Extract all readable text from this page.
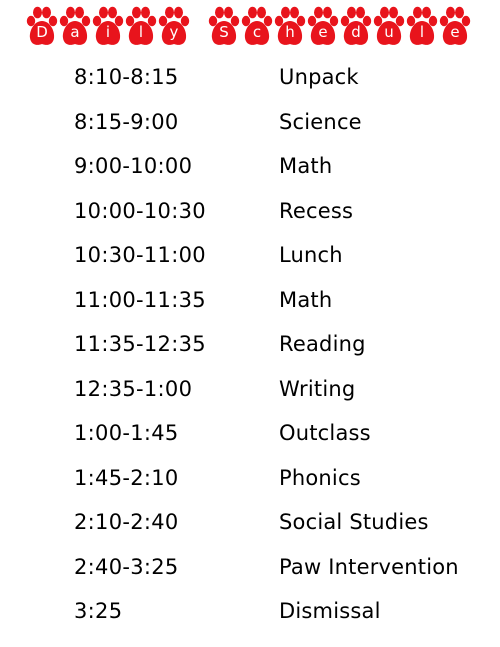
D	a	i	l	y	S	c	h	e	d	u	l	e
8:10-8:15	Unpack
8:15-9:00	Science
9:00-10:00	Math
10:00-10:30	Recess
10:30-11:00	Lunch
11:00-11:35	Math
11:35-12:35	Reading
12:35-1:00	Writing
1:00-1:45	Outclass
1:45-2:10	Phonics
2:10-2:40	Social Studies
2:40-3:25	Paw Intervention
3:25	Dismissal
